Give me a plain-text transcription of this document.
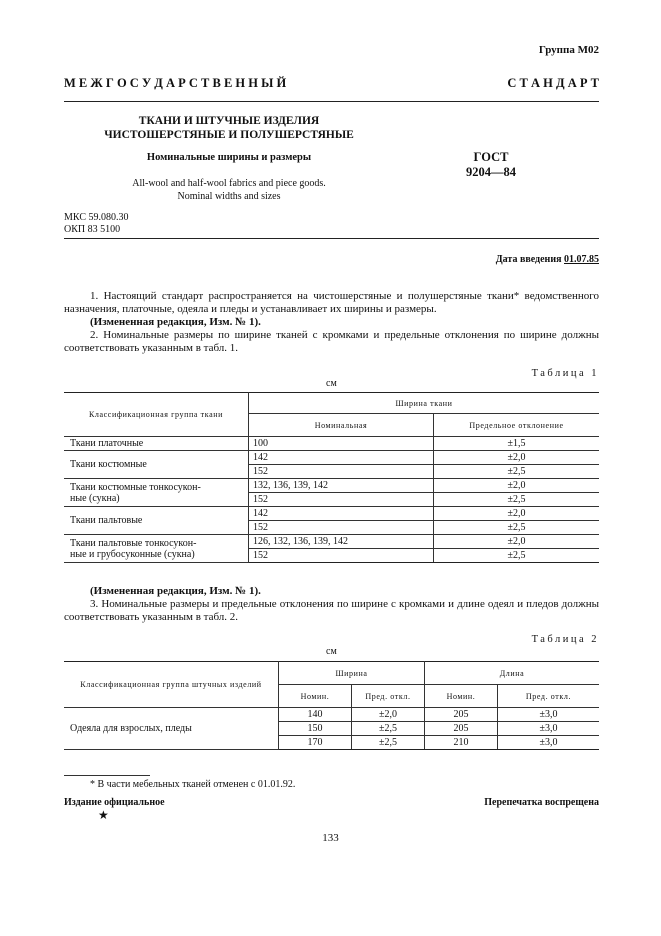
Группа М02
М Е Ж Г О С У Д А Р С Т В Е Н Н Ы Й	С Т А Н Д А Р Т
ТКАНИ И ШТУЧНЫЕ ИЗДЕЛИЯ
ЧИСТОШЕРСТЯНЫЕ И ПОЛУШЕРСТЯНЫЕ
Номинальные ширины и размеры
All-wool and half-wool fabrics and piece goods.
Nominal widths and sizes
ГОСТ
9204—84
МКС 59.080.30
ОКП 83 5100
Дата введения 01.07.85
1. Настоящий стандарт распространяется на чистошерстяные и полушерстяные ткани* ведомственного назначения, платочные, одеяла и пледы и устанавливает их ширины и размеры.
(Измененная редакция, Изм. № 1).
2. Номинальные размеры по ширине тканей с кромками и предельные отклонения по ширине должны соответствовать указанным в табл. 1.
Таблица 1
см
Классификационная группа ткани	Ширина ткани	
	Номинальная	Предельное отклонение
Ткани платочные	100	±1,5
Ткани костюмные	142	±2,0
	152	±2,5

Ткани костюмные тонкосукон-
ные (сукна)	132, 136, 139, 142	±2,0
	152	±2,5
Ткани пальтовые	142	±2,0
	152	±2,5

Ткани пальтовые тонкосукон-
ные и грубосуконные (сукна)	126, 132, 136, 139, 142	±2,0
	152	±2,5
(Измененная редакция, Изм. № 1).
3. Номинальные размеры и предельные отклонения по ширине с кромками и длине одеял и пледов должны соответствовать указанным в табл. 2.
Таблица 2
см
Классификационная группа штучных изделий	Ширина		Длина	
	Номин.	Пред. откл.	Номин.	Пред. откл.
Одеяла для взрослых, пледы	140	±2,0	205	±3,0
	150	±2,5	205	±3,0
	170	±2,5	210	±3,0
* В части мебельных тканей отменен с 01.01.92.
Издание официальное
★
Перепечатка воспрещена
133
